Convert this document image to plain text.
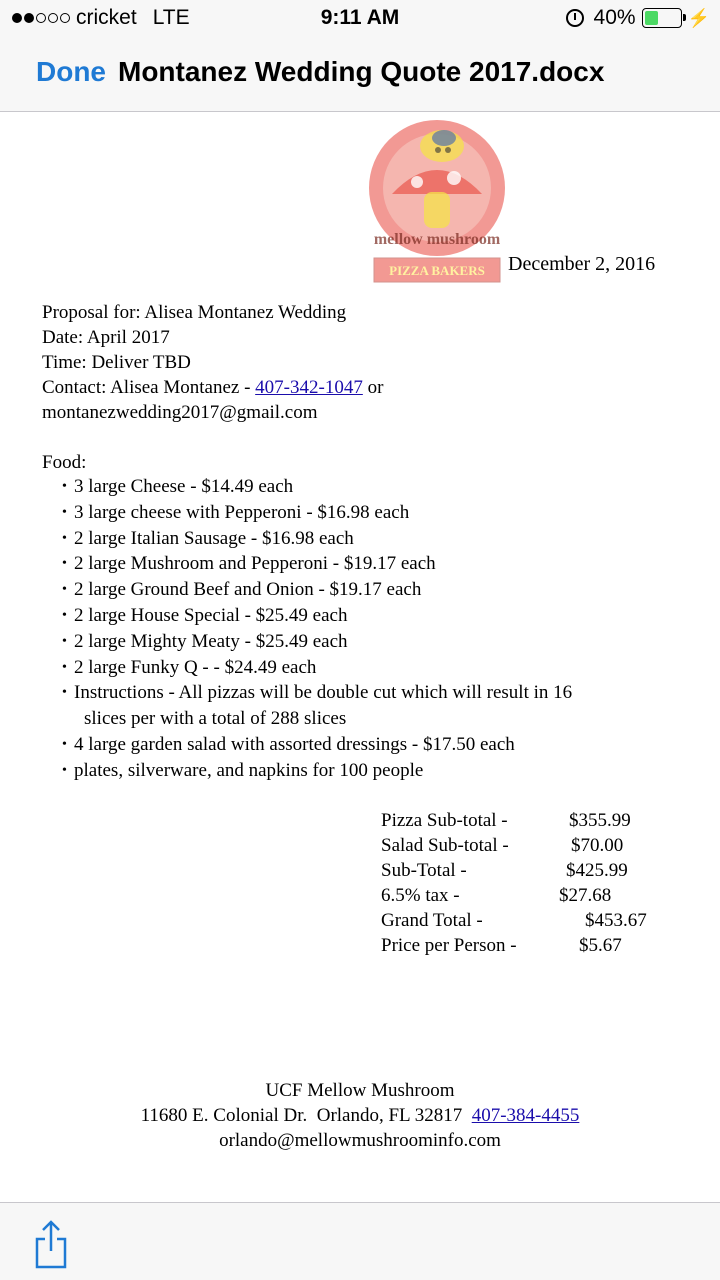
cricket LTE	9:11 AM	40%	⚡
Done Montanez Wedding Quote 2017.docx
PIZZA BAKERS
mellow mushroom
December 2, 2016
Proposal for: Alisea Montanez Wedding
Date: April 2017
Time: Deliver TBD
Contact: Alisea Montanez - 407-342-1047 or
montanezwedding2017@gmail.com
Food:
• 3 large Cheese - $14.49 each
• 3 large cheese with Pepperoni - $16.98 each
• 2 large Italian Sausage - $16.98 each
• 2 large Mushroom and Pepperoni - $19.17 each
• 2 large Ground Beef and Onion - $19.17 each
• 2 large House Special - $25.49 each
• 2 large Mighty Meaty - $25.49 each
• 2 large Funky Q - - $24.49 each
• Instructions - All pizzas will be double cut which will result in 16
slices per with a total of 288 slices
• 4 large garden salad with assorted dressings - $17.50 each
• plates, silverware, and napkins for 100 people
Pizza Sub-total -	$355.99
Salad Sub-total -	$70.00
Sub-Total -	$425.99
6.5% tax -	$27.68
Grand Total -	$453.67
Price per Person -	$5.67
UCF Mellow Mushroom
11680 E. Colonial Dr.  Orlando, FL 32817  407-384-4455
orlando@mellowmushroominfo.com
